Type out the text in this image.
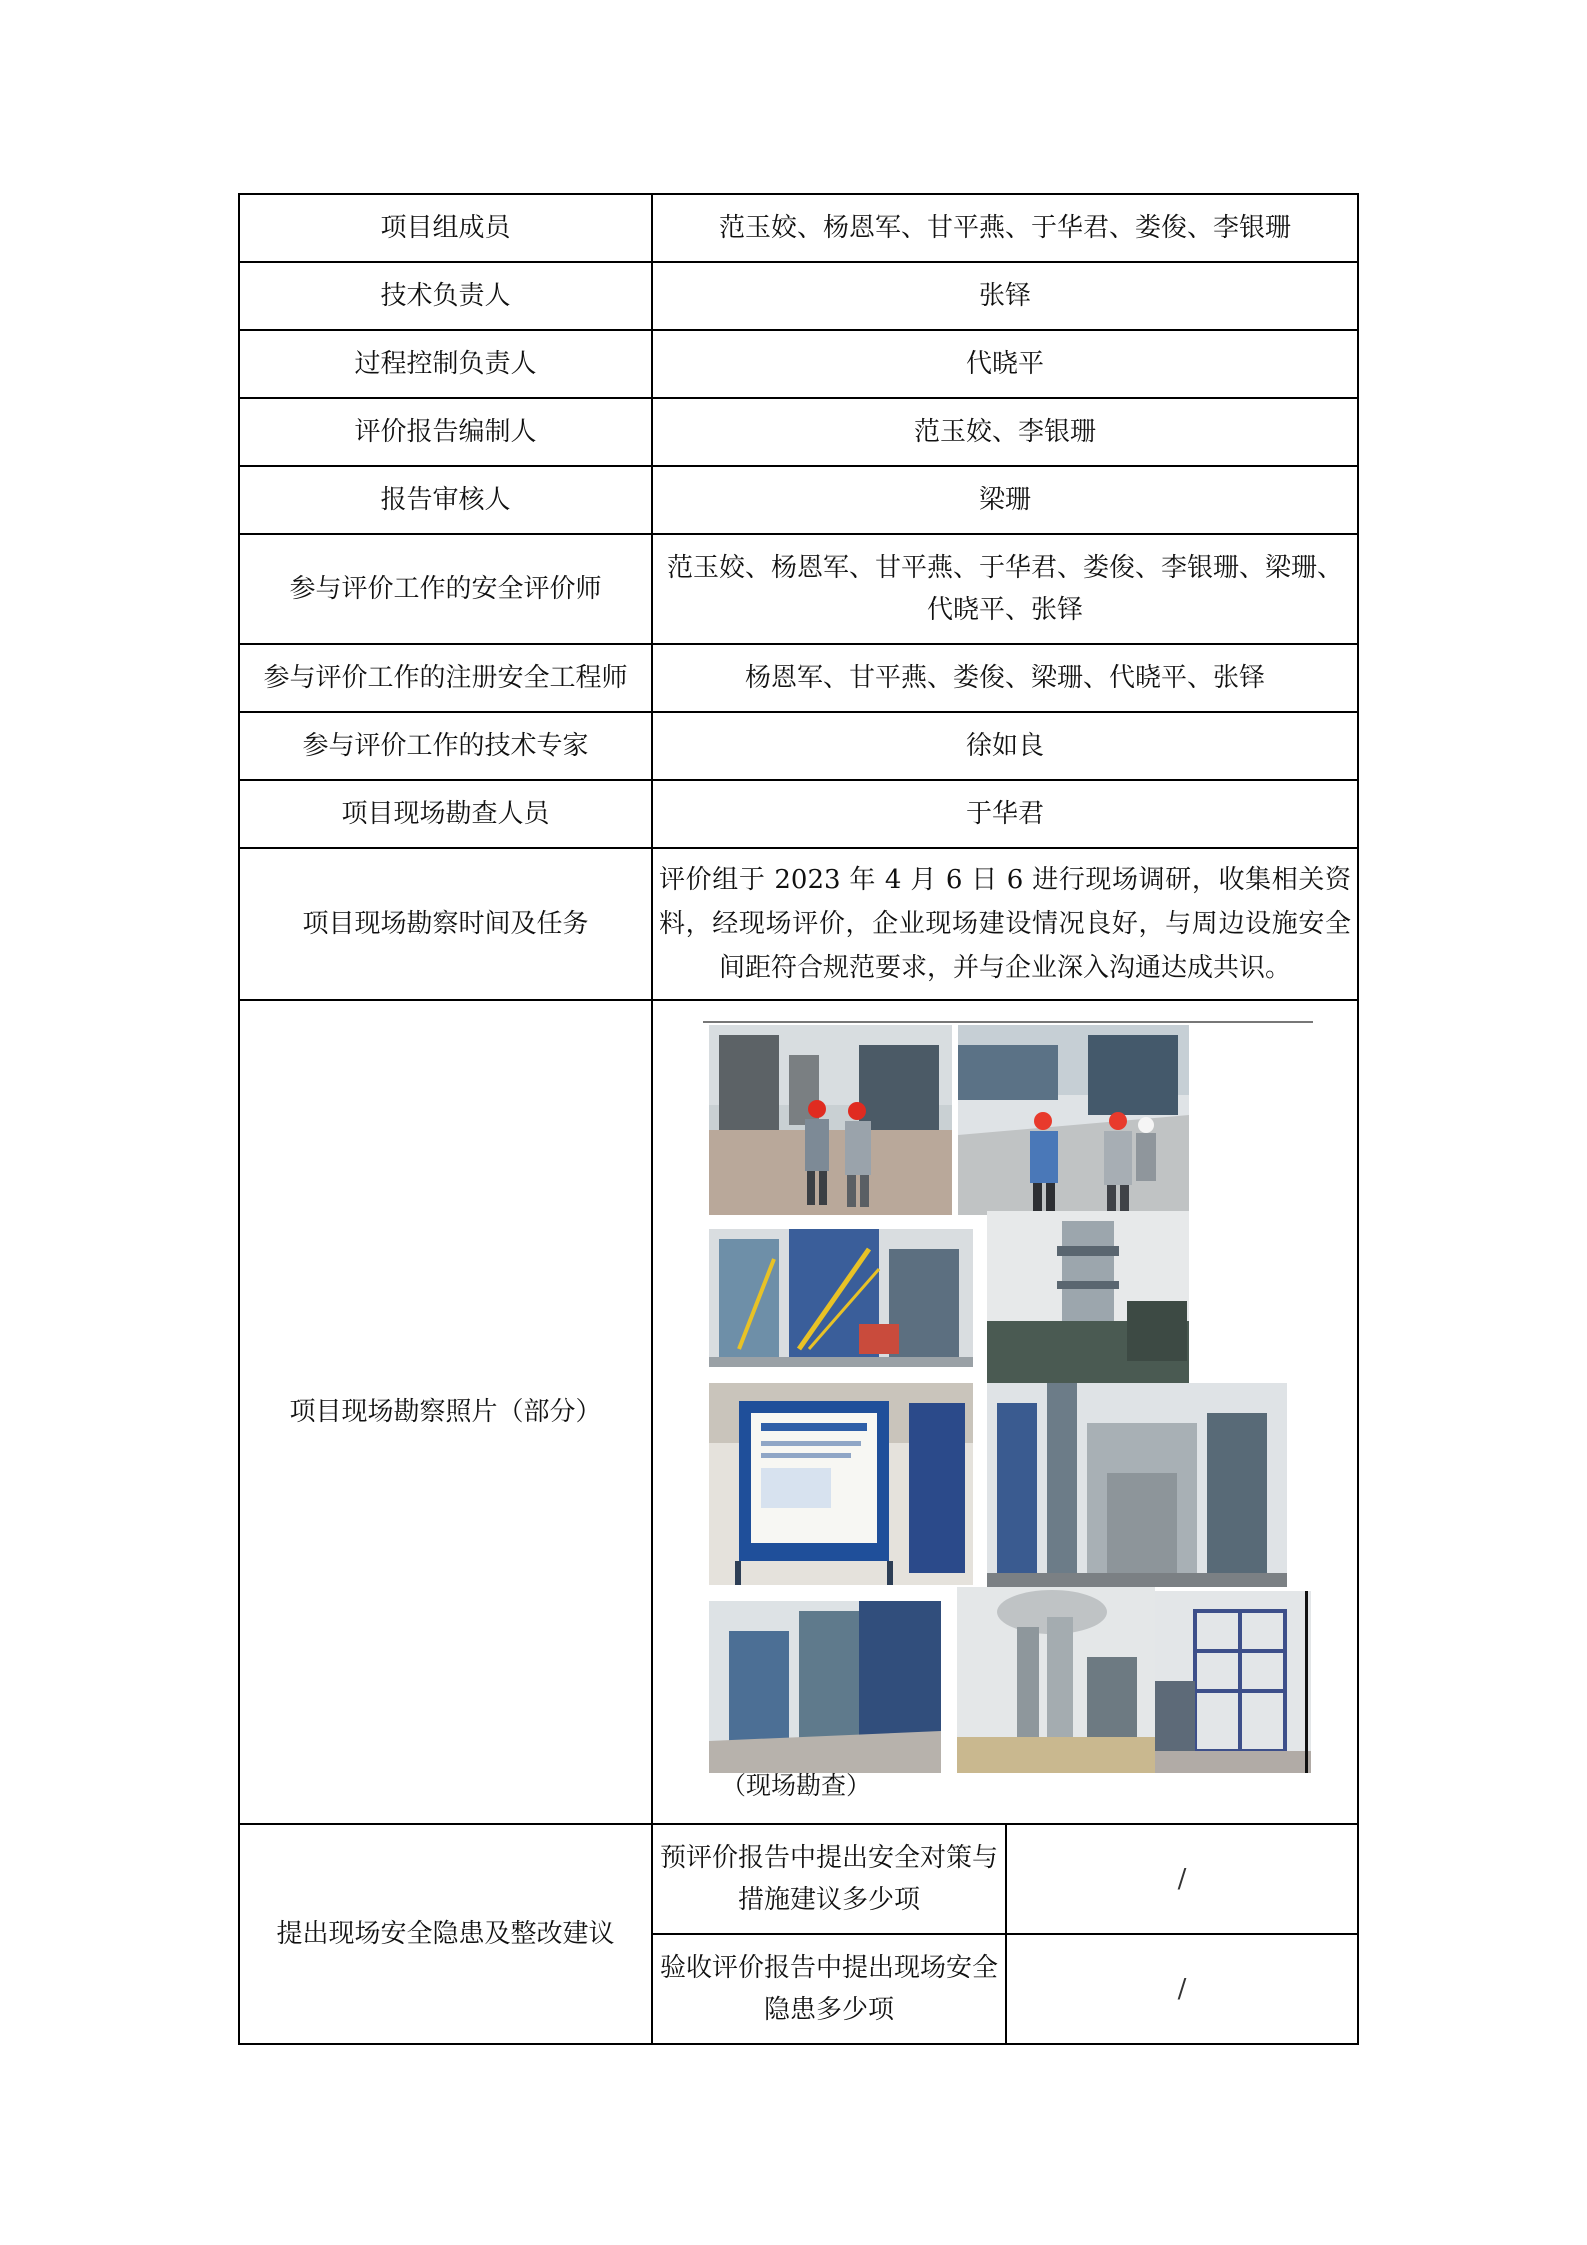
项目组成员	范玉姣、杨恩军、甘平燕、于华君、娄俊、李银珊	
技术负责人	张铎	
过程控制负责人	代晓平	
评价报告编制人	范玉姣、李银珊	
报告审核人	梁珊	
参与评价工作的安全评价师	范玉姣、杨恩军、甘平燕、于华君、娄俊、李银珊、梁珊、代晓平、张铎	
参与评价工作的注册安全工程师	杨恩军、甘平燕、娄俊、梁珊、代晓平、张铎	
参与评价工作的技术专家	徐如良	
项目现场勘查人员	于华君	
项目现场勘察时间及任务	评价组于 2023 年 4 月 6 日 6 进行现场调研，收集相关资料，经现场评价，企业现场建设情况良好，与周边设施安全间距符合规范要求，并与企业深入沟通达成共识。	
项目现场勘察照片（部分）	（现场勘查）	

提出现场安全隐患及整改建议	预评价报告中提出安全对策与措施建议多少项	/
	验收评价报告中提出现场安全隐患多少项	/
